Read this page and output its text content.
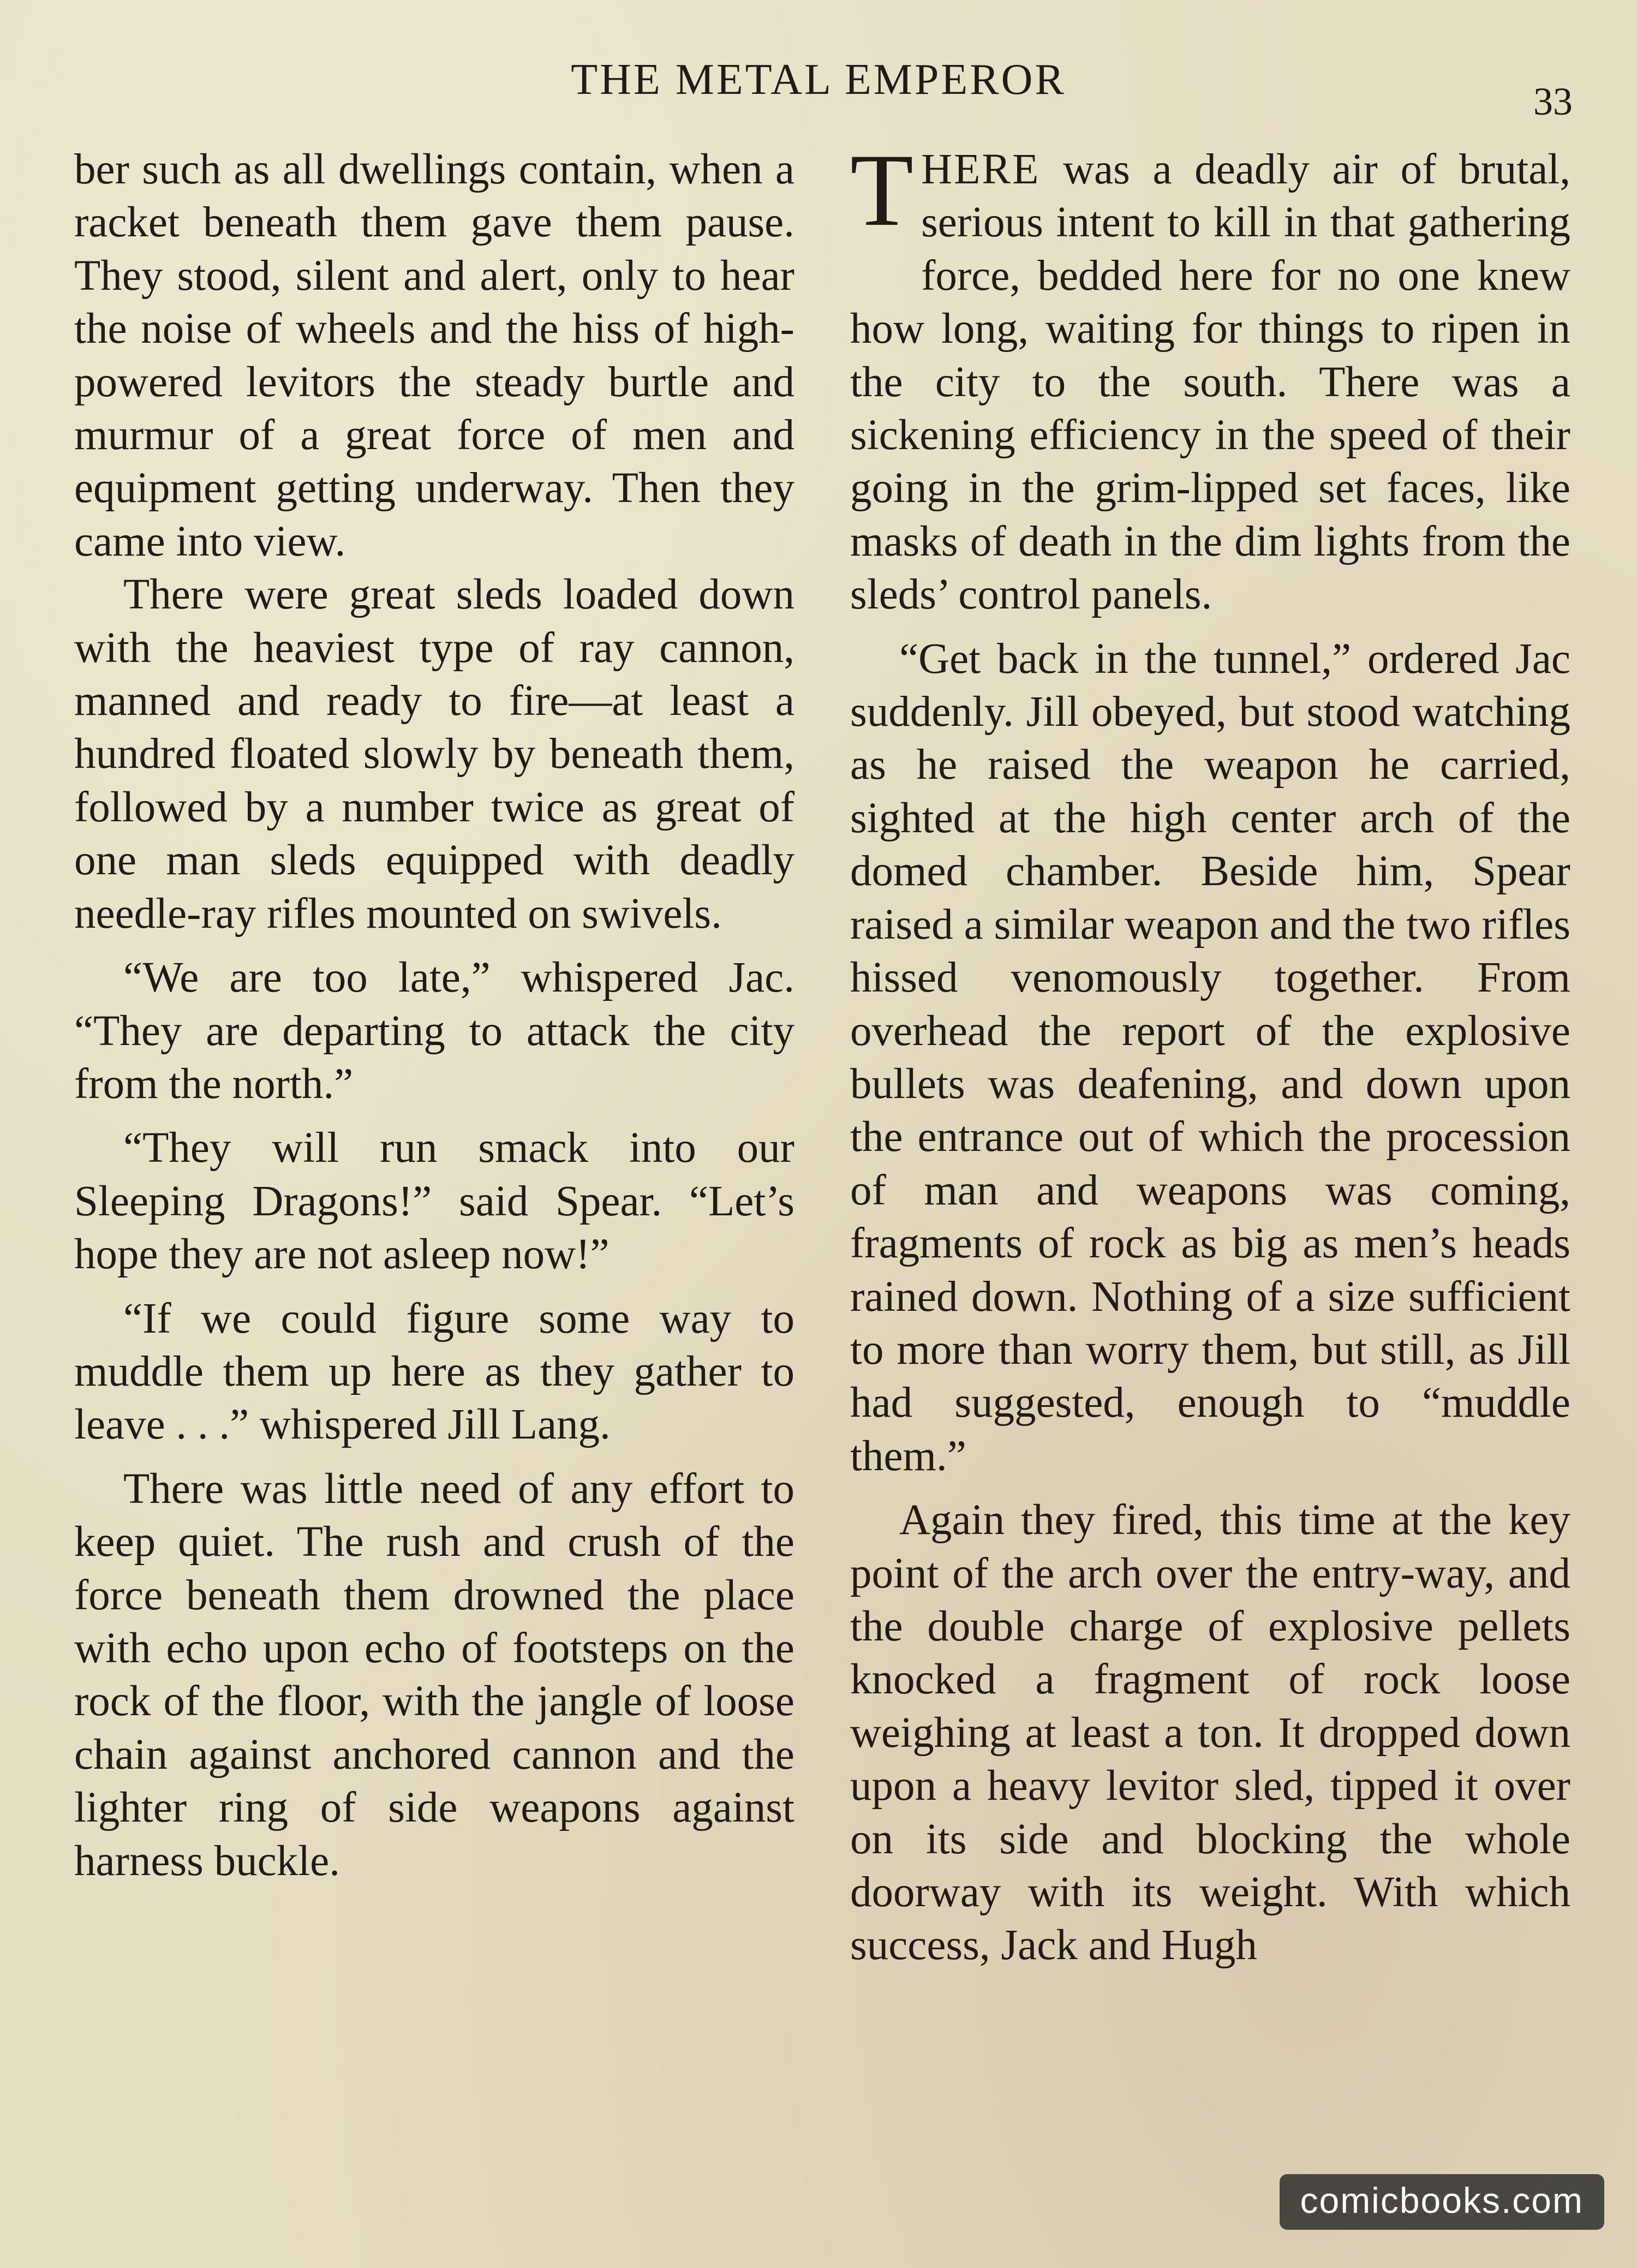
THE METAL EMPEROR	33

ber such as all dwellings contain, when a racket beneath them gave them pause. They stood, silent and alert, only to hear the noise of wheels and the hiss of high-powered levitors the steady burtle and murmur of a great force of men and equipment getting underway. Then they came into view.

There were great sleds loaded down with the heaviest type of ray cannon, manned and ready to fire—at least a hundred floated slowly by beneath them, followed by a number twice as great of one man sleds equipped with deadly needle-ray rifles mounted on swivels.

“We are too late,” whispered Jac. “They are departing to attack the city from the north.”

“They will run smack into our Sleeping Dragons!” said Spear. “Let’s hope they are not asleep now!”

“If we could figure some way to muddle them up here as they gather to leave . . .” whispered Jill Lang.

There was little need of any effort to keep quiet. The rush and crush of the force beneath them drowned the place with echo upon echo of footsteps on the rock of the floor, with the jangle of loose chain against anchored cannon and the lighter ring of side weapons against harness buckle.

THERE was a deadly air of brutal, serious intent to kill in that gathering force, bedded here for no one knew how long, waiting for things to ripen in the city to the south. There was a sickening efficiency in the speed of their going in the grim-lipped set faces, like masks of death in the dim lights from the sleds’ control panels.

“Get back in the tunnel,” ordered Jac suddenly. Jill obeyed, but stood watching as he raised the weapon he carried, sighted at the high center arch of the domed chamber. Beside him, Spear raised a similar weapon and the two rifles hissed venomously together. From overhead the report of the explosive bullets was deafening, and down upon the entrance out of which the procession of man and weapons was coming, fragments of rock as big as men’s heads rained down. Nothing of a size sufficient to more than worry them, but still, as Jill had suggested, enough to “muddle them.”

Again they fired, this time at the key point of the arch over the entry-way, and the double charge of explosive pellets knocked a fragment of rock loose weighing at least a ton. It dropped down upon a heavy levitor sled, tipped it over on its side and blocking the whole doorway with its weight. With which success, Jack and Hugh

comicbooks.com
